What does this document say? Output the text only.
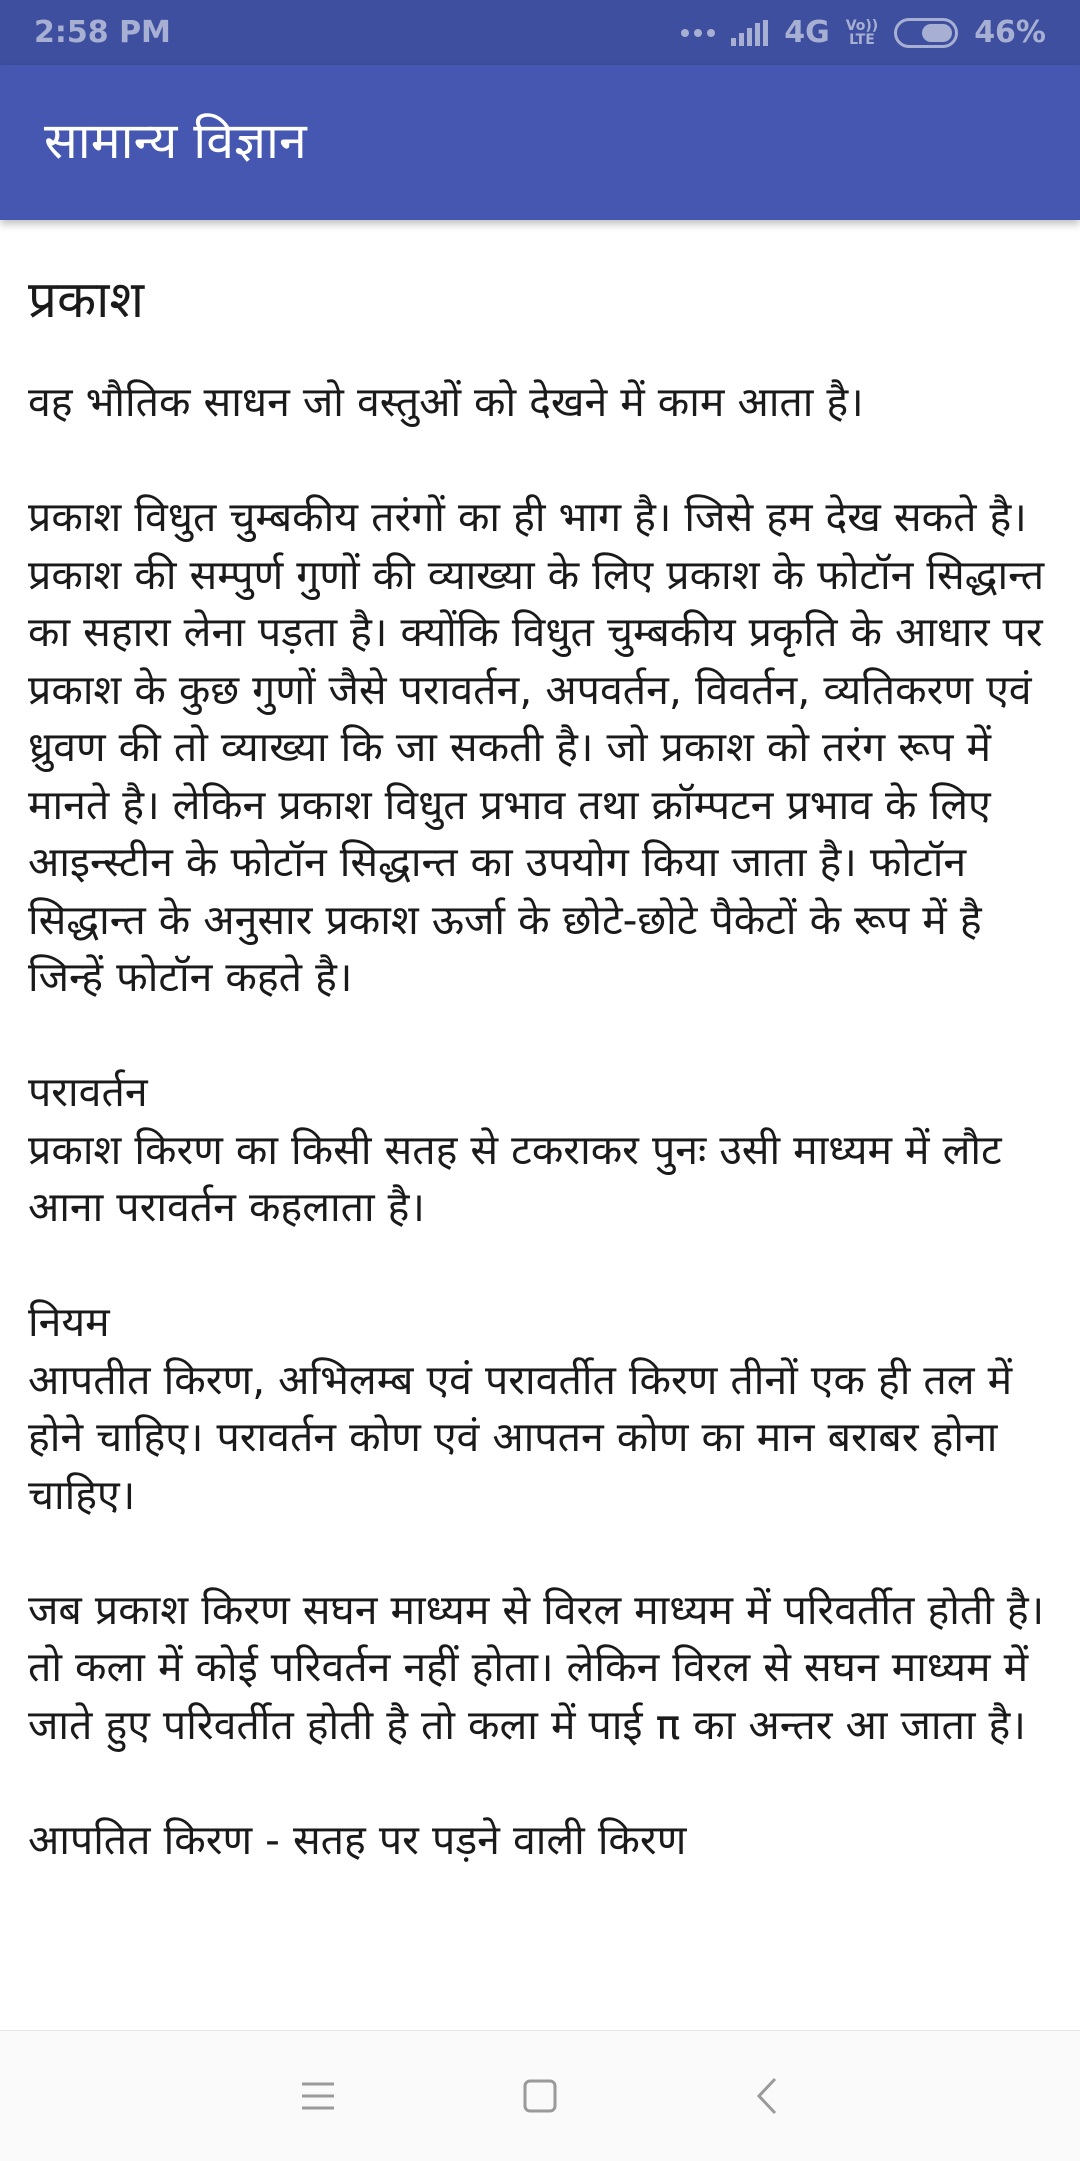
2:58 PM	4G Vo))
LTE	46%
सामान्य विज्ञान
प्रकाश

वह भौतिक साधन जो वस्तुओं को देखने में काम आता है।

प्रकाश विधुत चुम्बकीय तरंगों का ही भाग है। जिसे हम देख सकते है। प्रकाश की सम्पुर्ण गुणों की व्याख्या के लिए प्रकाश के फोटॉन सिद्धान्त का सहारा लेना पड़ता है। क्योंकि विधुत चुम्बकीय प्रकृति के आधार पर प्रकाश के कुछ गुणों जैसे परावर्तन, अपवर्तन, विवर्तन, व्यतिकरण एवं ध्रुवण की तो व्याख्या कि जा सकती है। जो प्रकाश को तरंग रूप में मानते है। लेकिन प्रकाश विधुत प्रभाव तथा क्रॉम्पटन प्रभाव के लिए आइन्स्टीन के फोटॉन सिद्धान्त का उपयोग किया जाता है। फोटॉन सिद्धान्त के अनुसार प्रकाश ऊर्जा के छोटे-छोटे पैकेटों के रूप में है जिन्हें फोटॉन कहते है।

परावर्तन
प्रकाश किरण का किसी सतह से टकराकर पुनः उसी माध्यम में लौट आना परावर्तन कहलाता है।

नियम
आपतीत किरण, अभिलम्ब एवं परावर्तीत किरण तीनों एक ही तल में होने चाहिए। परावर्तन कोण एवं आपतन कोण का मान बराबर होना चाहिए।

जब प्रकाश किरण सघन माध्यम से विरल माध्यम में परिवर्तीत होती है। तो कला में कोई परिवर्तन नहीं होता। लेकिन विरल से सघन माध्यम में जाते हुए परिवर्तीत होती है तो कला में पाई π का अन्तर आ जाता है।

आपतित किरण - सतह पर पड़ने वाली किरण
